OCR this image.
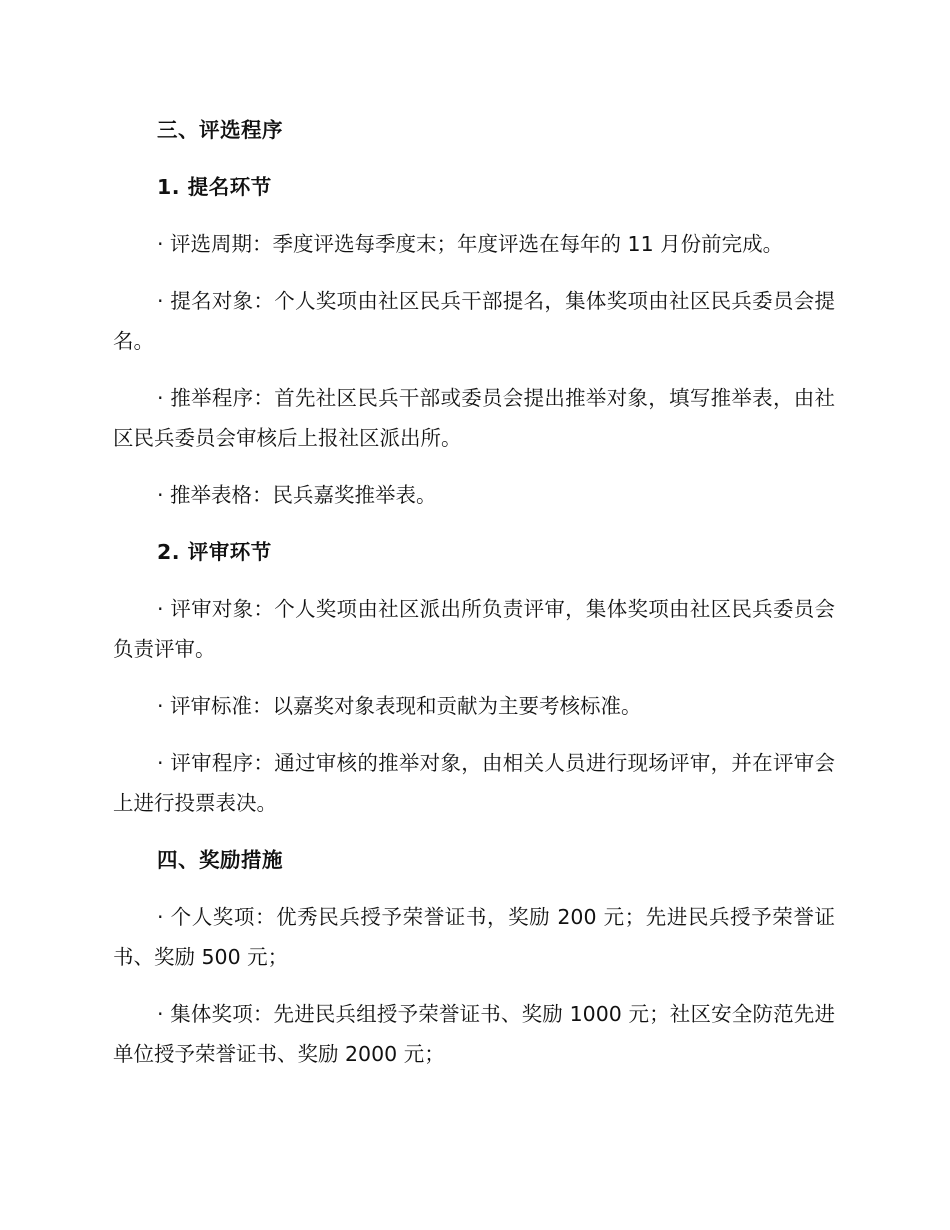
三、评选程序
1. 提名环节
· 评选周期：季度评选每季度末；年度评选在每年的 11 月份前完成。
· 提名对象：个人奖项由社区民兵干部提名，集体奖项由社区民兵委员会提名。
· 推举程序：首先社区民兵干部或委员会提出推举对象，填写推举表，由社区民兵委员会审核后上报社区派出所。
· 推举表格：民兵嘉奖推举表。
2. 评审环节
· 评审对象：个人奖项由社区派出所负责评审，集体奖项由社区民兵委员会负责评审。
· 评审标准：以嘉奖对象表现和贡献为主要考核标准。
· 评审程序：通过审核的推举对象，由相关人员进行现场评审，并在评审会上进行投票表决。
四、奖励措施
· 个人奖项：优秀民兵授予荣誉证书，奖励 200 元；先进民兵授予荣誉证书、奖励 500 元；
· 集体奖项：先进民兵组授予荣誉证书、奖励 1000 元；社区安全防范先进单位授予荣誉证书、奖励 2000 元；
